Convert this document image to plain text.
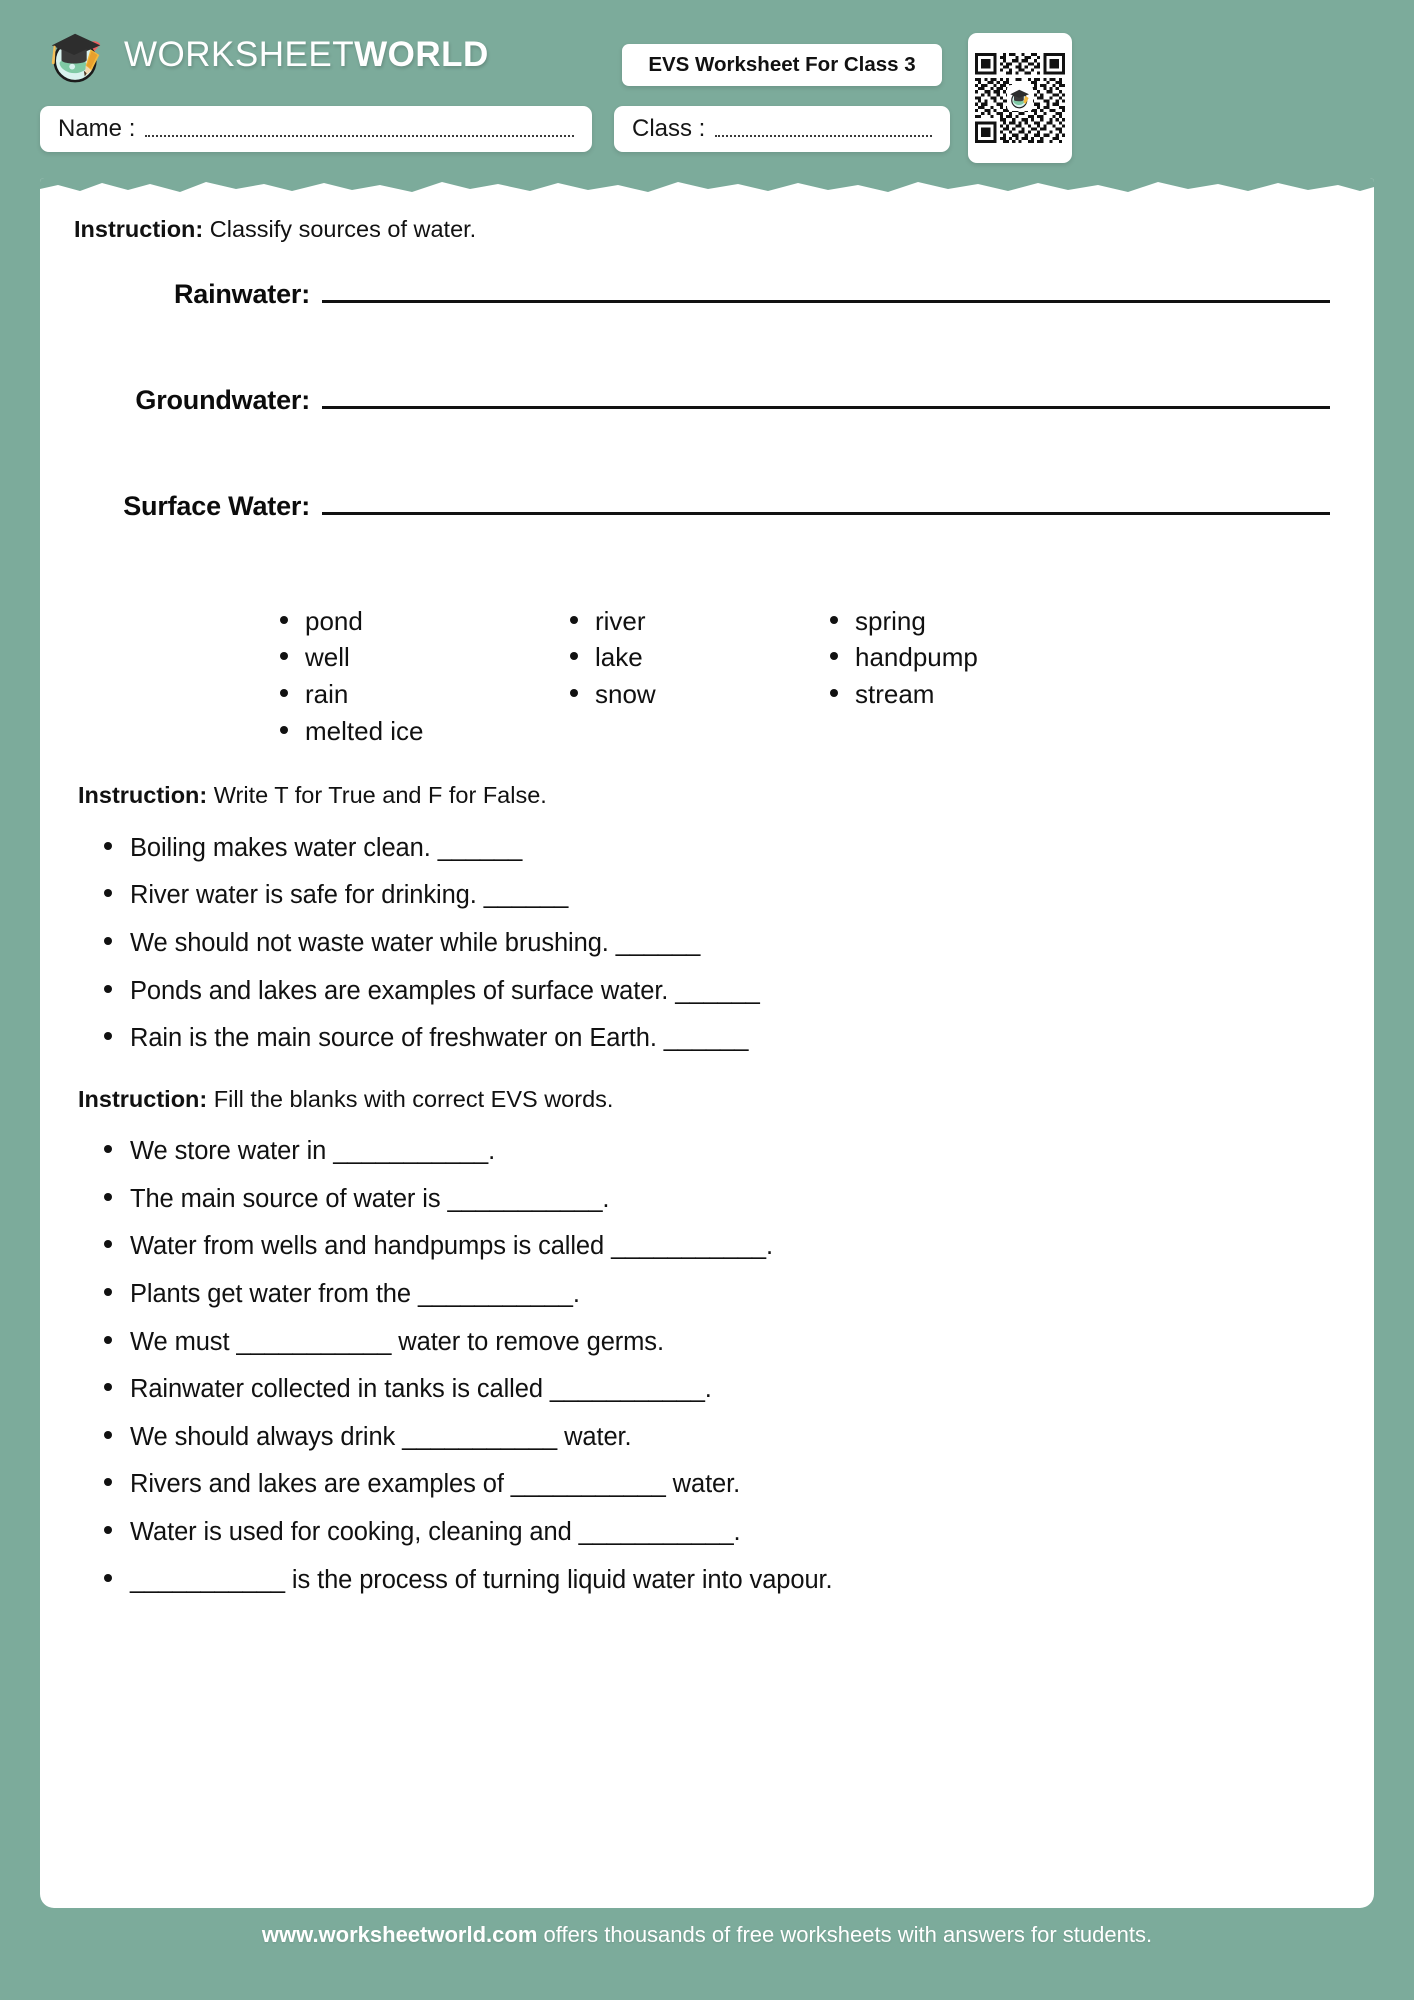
WORKSHEETWORLD	EVS Worksheet For Class 3
Name :	Class :
Instruction: Classify sources of water.
Rainwater:
Groundwater:
Surface Water:
pond
well
rain
melted ice
river
lake
snow
spring
handpump
stream
Instruction: Write T for True and F for False.
Boiling makes water clean. ______
River water is safe for drinking. ______
We should not waste water while brushing. ______
Ponds and lakes are examples of surface water. ______
Rain is the main source of freshwater on Earth. ______
Instruction: Fill the blanks with correct EVS words.
We store water in ___________.
The main source of water is ___________.
Water from wells and handpumps is called ___________.
Plants get water from the ___________.
We must ___________ water to remove germs.
Rainwater collected in tanks is called ___________.
We should always drink ___________ water.
Rivers and lakes are examples of ___________ water.
Water is used for cooking, cleaning and ___________.
___________ is the process of turning liquid water into vapour.
www.worksheetworld.com offers thousands of free worksheets with answers for students.
